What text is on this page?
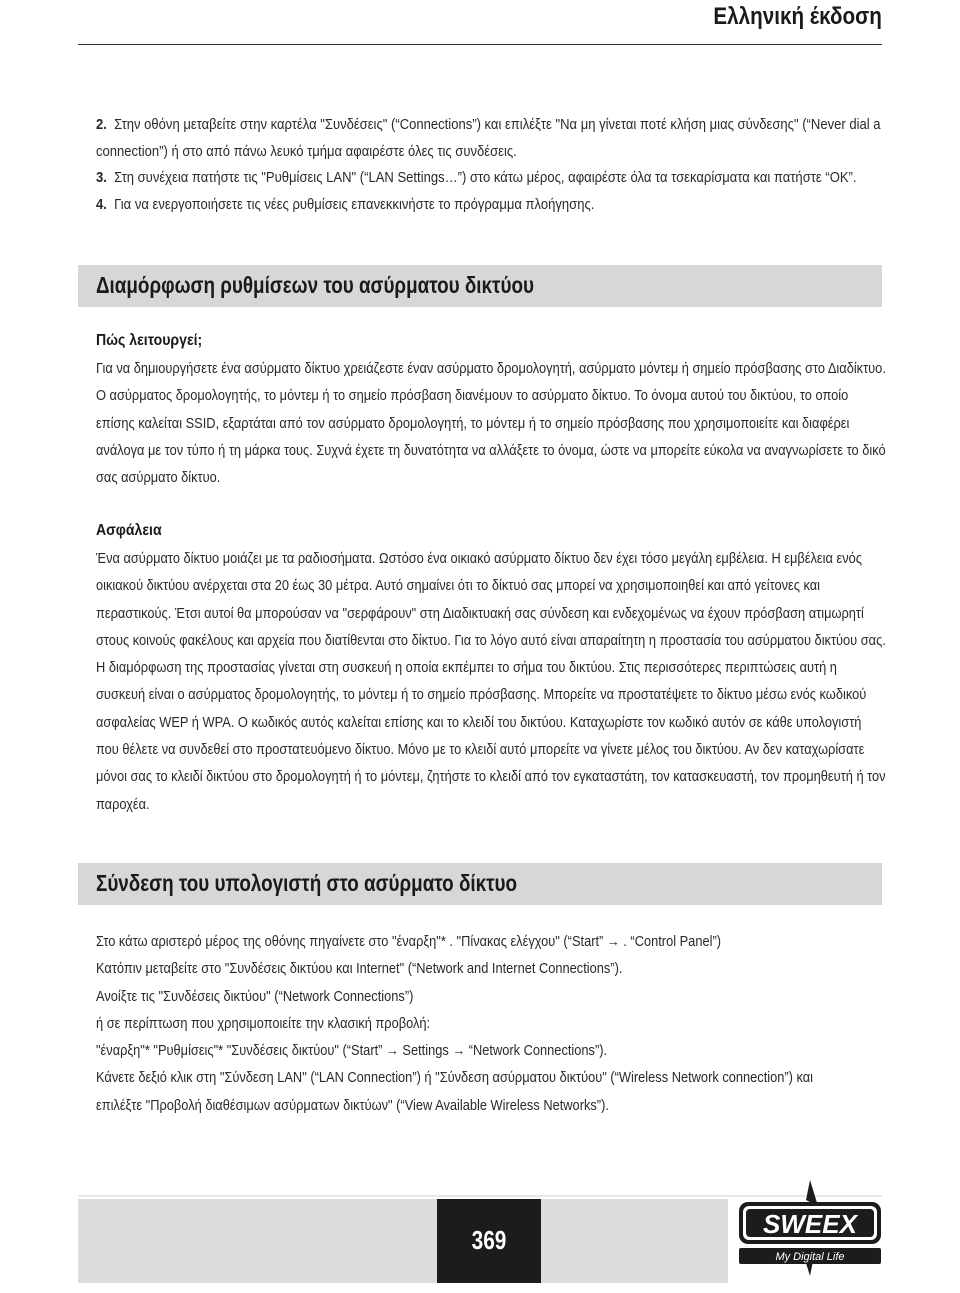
Ελληνική έκδοση
2. Στην οθόνη μεταβείτε στην καρτέλα "Συνδέσεις" (“Connections”) και επιλέξτε "Να μη γίνεται ποτέ κλήση μιας σύνδεσης" (“Never dial a connection”) ή στο από πάνω λευκό τμήμα αφαιρέστε όλες τις συνδέσεις.
3. Στη συνέχεια πατήστε τις "Ρυθμίσεις LAN" (“LAN Settings…”) στο κάτω μέρος, αφαιρέστε όλα τα τσεκαρίσματα και πατήστε “OK”.
4. Για να ενεργοποιήσετε τις νέες ρυθμίσεις επανεκκινήστε το πρόγραμμα πλοήγησης.
Διαμόρφωση ρυθμίσεων του ασύρματου δικτύου
Πώς λειτουργεί;
Για να δημιουργήσετε ένα ασύρματο δίκτυο χρειάζεστε έναν ασύρματο δρομολογητή, ασύρματο μόντεμ ή σημείο πρόσβασης στο Διαδίκτυο. Ο ασύρματος δρομολογητής, το μόντεμ ή το σημείο πρόσβαση διανέμουν το ασύρματο δίκτυο. Το όνομα αυτού του δικτύου, το οποίο επίσης καλείται SSID, εξαρτάται από τον ασύρματο δρομολογητή, το μόντεμ ή το σημείο πρόσβασης που χρησιμοποιείτε και διαφέρει ανάλογα με τον τύπο ή τη μάρκα τους. Συχνά έχετε τη δυνατότητα να αλλάξετε το όνομα, ώστε να μπορείτε εύκολα να αναγνωρίσετε το δικό σας ασύρματο δίκτυο.
Ασφάλεια
Ένα ασύρματο δίκτυο μοιάζει με τα ραδιοσήματα. Ωστόσο ένα οικιακό ασύρματο δίκτυο δεν έχει τόσο μεγάλη εμβέλεια. Η εμβέλεια ενός οικιακού δικτύου ανέρχεται στα 20 έως 30 μέτρα. Αυτό σημαίνει ότι το δίκτυό σας μπορεί να χρησιμοποιηθεί και από γείτονες και περαστικούς. Έτσι αυτοί θα μπορούσαν να "σερφάρουν" στη Διαδικτυακή σας σύνδεση και ενδεχομένως να έχουν πρόσβαση ατιμωρητί στους κοινούς φακέλους και αρχεία που διατίθενται στο δίκτυο. Για το λόγο αυτό είναι απαραίτητη η προστασία του ασύρματου δικτύου σας. Η διαμόρφωση της προστασίας γίνεται στη συσκευή η οποία εκπέμπει το σήμα του δικτύου. Στις περισσότερες περιπτώσεις αυτή η συσκευή είναι ο ασύρματος δρομολογητής, το μόντεμ ή το σημείο πρόσβασης. Μπορείτε να προστατέψετε το δίκτυο μέσω ενός κωδικού ασφαλείας WEP ή WPA. Ο κωδικός αυτός καλείται επίσης και το κλειδί του δικτύου. Καταχωρίστε τον κωδικό αυτόν σε κάθε υπολογιστή που θέλετε να συνδεθεί στο προστατευόμενο δίκτυο. Μόνο με το κλειδί αυτό μπορείτε να γίνετε μέλος του δικτύου. Αν δεν καταχωρίσατε μόνοι σας το κλειδί δικτύου στο δρομολογητή ή το μόντεμ, ζητήστε το κλειδί από τον εγκαταστάτη, τον κατασκευαστή, τον προμηθευτή ή τον παροχέα.
Σύνδεση του υπολογιστή στο ασύρματο δίκτυο
Στο κάτω αριστερό μέρος της οθόνης πηγαίνετε στο "έναρξη"* . "Πίνακας ελέγχου" (“Start” → . “Control Panel”)
Κατόπιν μεταβείτε στο "Συνδέσεις δικτύου και Internet" (“Network and Internet Connections”).
Ανοίξτε τις "Συνδέσεις δικτύου" (“Network Connections”)
ή σε περίπτωση που χρησιμοποιείτε την κλασική προβολή:
"έναρξη"* "Ρυθμίσεις"* "Συνδέσεις δικτύου" (“Start” → Settings → “Network Connections”).
Κάνετε δεξιό κλικ στη "Σύνδεση LAN" (“LAN Connection”) ή "Σύνδεση ασύρματου δικτύου" (“Wireless Network connection”) και
επιλέξτε "Προβολή διαθέσιμων ασύρματων δικτύων" (“View Available Wireless Networks”).
369
SWEEX
My Digital Life
